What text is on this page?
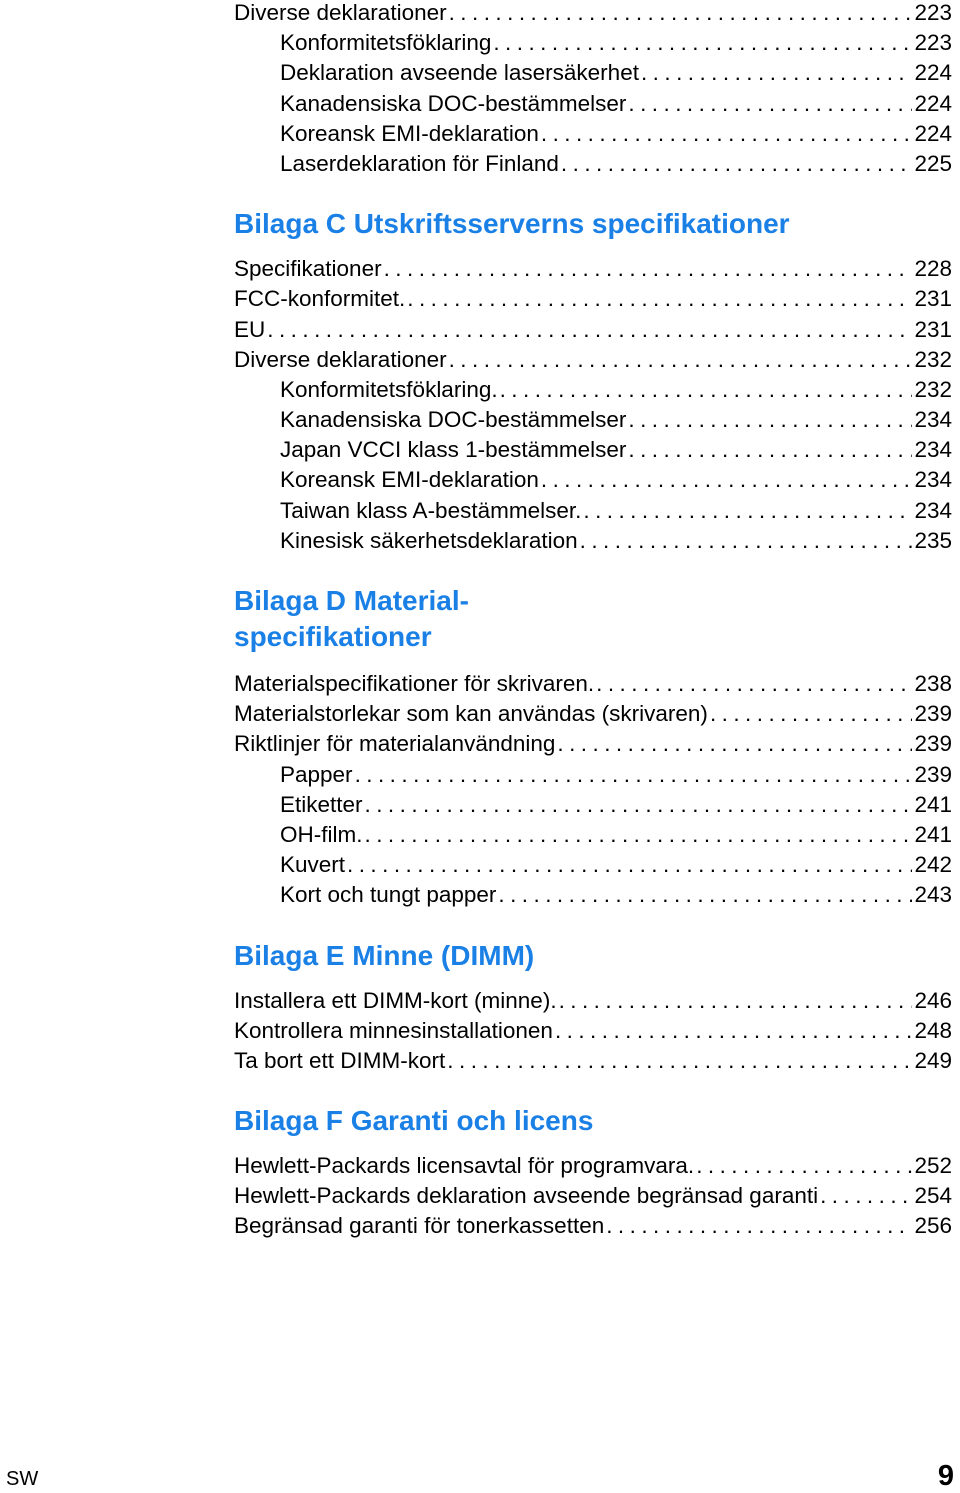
Diverse deklarationer . . .	223
Konformitetsföklaring . . .	223
Deklaration avseende lasersäkerhet . . .	224
Kanadensiska DOC-bestämmelser . . .	224
Koreansk EMI-deklaration . . .	224
Laserdeklaration för Finland . . .	225
Bilaga C Utskriftsserverns specifikationer
Specifikationer . . .	228
FCC-konformitet. . . .	231
EU . . .	231
Diverse deklarationer . . .	232
Konformitetsföklaring. . . .	232
Kanadensiska DOC-bestämmelser . . .	234
Japan VCCI klass 1-bestämmelser . . .	234
Koreansk EMI-deklaration . . .	234
Taiwan klass A-bestämmelser. . . .	234
Kinesisk säkerhetsdeklaration . . .	235
Bilaga D Material-
specifikationer
Materialspecifikationer för skrivaren. . . .	238
Materialstorlekar som kan användas (skrivaren) . . .	239
Riktlinjer för materialanvändning . . .	239
Papper . . .	239
Etiketter . . .	241
OH-film. . . .	241
Kuvert . . .	242
Kort och tungt papper . . .	243
Bilaga E Minne (DIMM)
Installera ett DIMM-kort (minne). . . .	246
Kontrollera minnesinstallationen . . .	248
Ta bort ett DIMM-kort . . .	249
Bilaga F Garanti och licens
Hewlett-Packards licensavtal för programvara. . . .	252
Hewlett-Packards deklaration avseende begränsad garanti . . .	254
Begränsad garanti för tonerkassetten . . .	256
SW	9
